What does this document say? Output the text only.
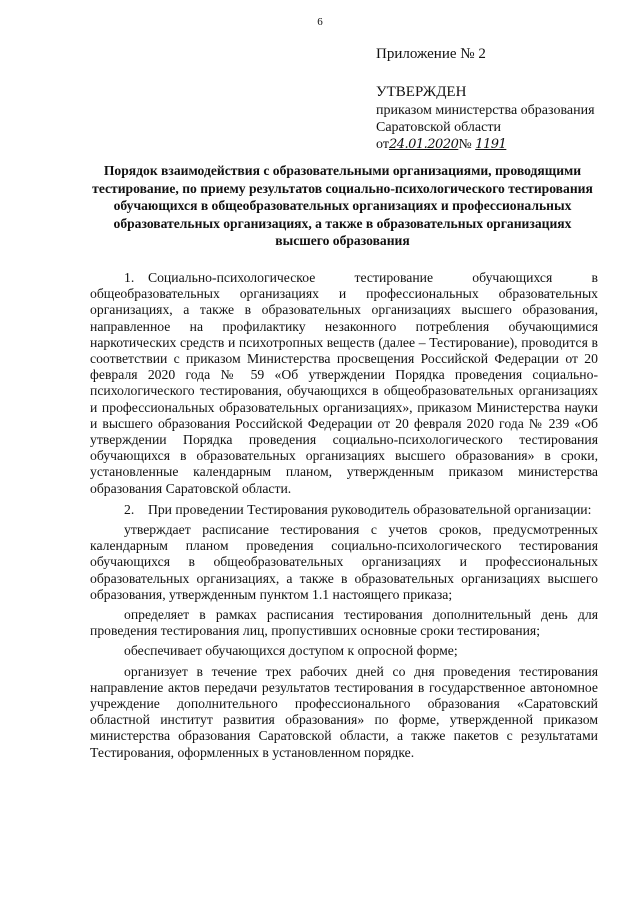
6
Приложение № 2
УТВЕРЖДЕН
приказом министерства образования
Саратовской области
от24.01.2020№ 1191
Порядок взаимодействия с образовательными организациями, проводящими тестирование, по приему результатов социально-психологического тестирования обучающихся в общеобразовательных организациях и профессиональных образовательных организациях, а также в образовательных организациях высшего образования

1. Социально-психологическое тестирование обучающихся в общеобразовательных организациях и профессиональных образовательных организациях, а также в образовательных организациях высшего образования, направленное на профилактику незаконного потребления обучающимися наркотических средств и психотропных веществ (далее – Тестирование), проводится в соответствии с приказом Министерства просвещения Российской Федерации от 20 февраля 2020 года № 59 «Об утверждении Порядка проведения социально-психологического тестирования, обучающихся в общеобразовательных организациях и профессиональных образовательных организациях», приказом Министерства науки и высшего образования Российской Федерации от 20 февраля 2020 года № 239 «Об утверждении Порядка проведения социально-психологического тестирования обучающихся в образовательных организациях высшего образования» в сроки, установленные календарным планом, утвержденным приказом министерства образования Саратовской области.

2. При проведении Тестирования руководитель образовательной организации:

утверждает расписание тестирования с учетов сроков, предусмотренных календарным планом проведения социально-психологического тестирования обучающихся в общеобразовательных организациях и профессиональных образовательных организациях, а также в образовательных организациях высшего образования, утвержденным пунктом 1.1 настоящего приказа;

определяет в рамках расписания тестирования дополнительный день для проведения тестирования лиц, пропустивших основные сроки тестирования;

обеспечивает обучающихся доступом к опросной форме;

организует в течение трех рабочих дней со дня проведения тестирования направление актов передачи результатов тестирования в государственное автономное учреждение дополнительного профессионального образования «Саратовский областной институт развития образования» по форме, утвержденной приказом министерства образования Саратовской области, а также пакетов с результатами Тестирования, оформленных в установленном порядке.
